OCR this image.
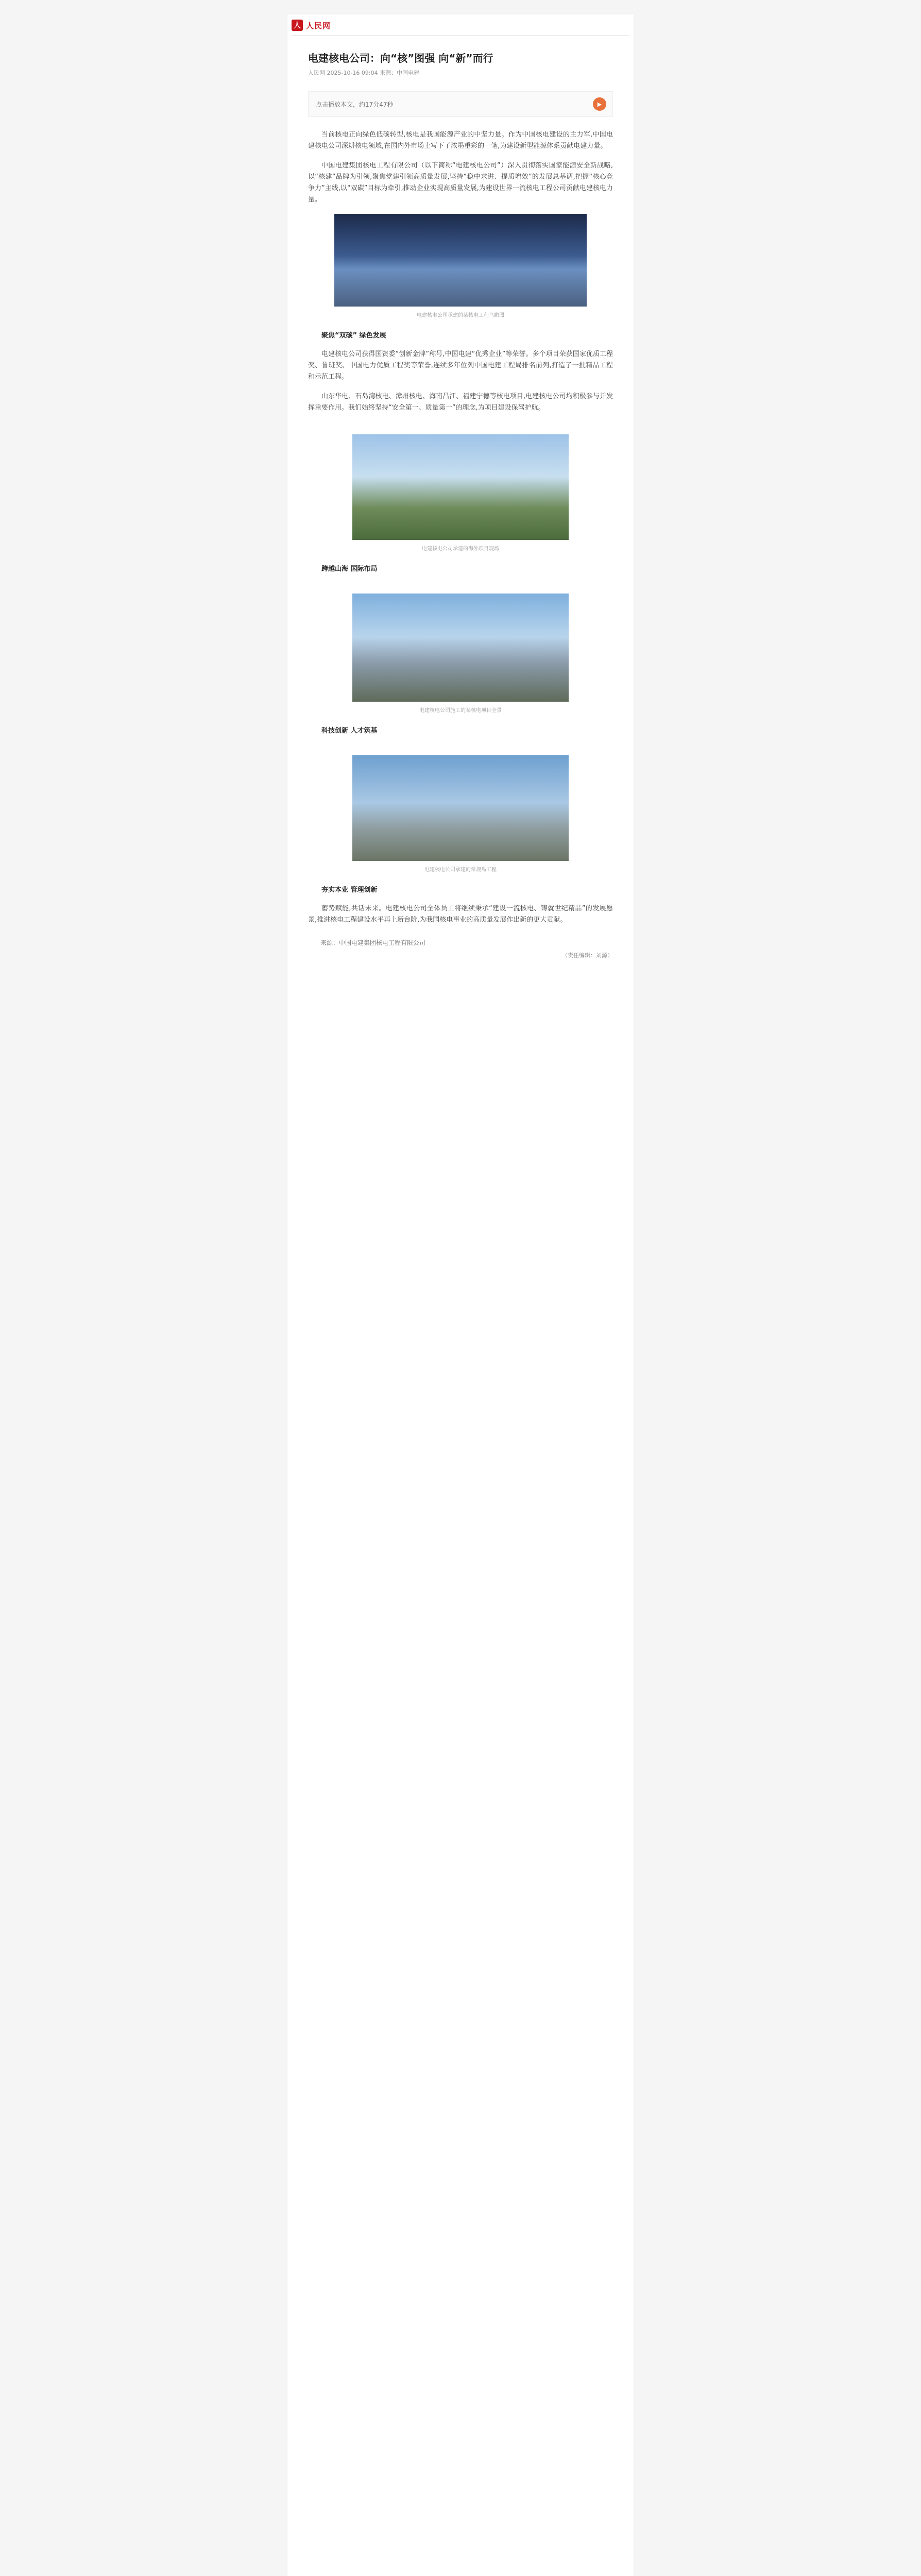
人 人民网
电建核电公司：向“核”图强 向“新”而行
人民网 2025-10-16 09:04 来源：中国电建
点击播放本文，约17分47秒	▶

当前核电正向绿色低碳转型,核电是我国能源产业的中坚力量。作为中国核电建设的主力军,中国电建核电公司深耕核电领域,在国内外市场上写下了浓墨重彩的一笔,为建设新型能源体系贡献电建力量。

中国电建集团核电工程有限公司（以下简称“电建核电公司”）深入贯彻落实国家能源安全新战略,以“核建”品牌为引领,聚焦党建引领高质量发展,坚持“稳中求进、提质增效”的发展总基调,把握“核心竞争力”主线,以“双碳”目标为牵引,推动企业实现高质量发展,为建设世界一流核电工程公司贡献电建核电力量。

电建核电公司承建的某核电工程鸟瞰图
聚焦“双碳” 绿色发展

电建核电公司获得国资委“创新金牌”称号,中国电建“优秀企业”等荣誉。多个项目荣获国家优质工程奖、鲁班奖、中国电力优质工程奖等荣誉,连续多年位列中国电建工程局排名前列,打造了一批精品工程和示范工程。

山东华电、石岛湾核电、漳州核电、海南昌江、福建宁德等核电项目,电建核电公司均积极参与并发挥重要作用。我们始终坚持“安全第一、质量第一”的理念,为项目建设保驾护航。

电建核电公司承建的海外项目现场
跨越山海 国际布局
电建核电公司施工的某核电项目全景
科技创新 人才筑基
电建核电公司承建的常规岛工程
夯实本业 管理创新

蓄势赋能,共话未来。电建核电公司全体员工将继续秉承“建设一流核电、铸就世纪精品”的发展愿景,推进核电工程建设水平再上新台阶,为我国核电事业的高质量发展作出新的更大贡献。

来源：中国电建集团核电工程有限公司
（责任编辑：刘源）
